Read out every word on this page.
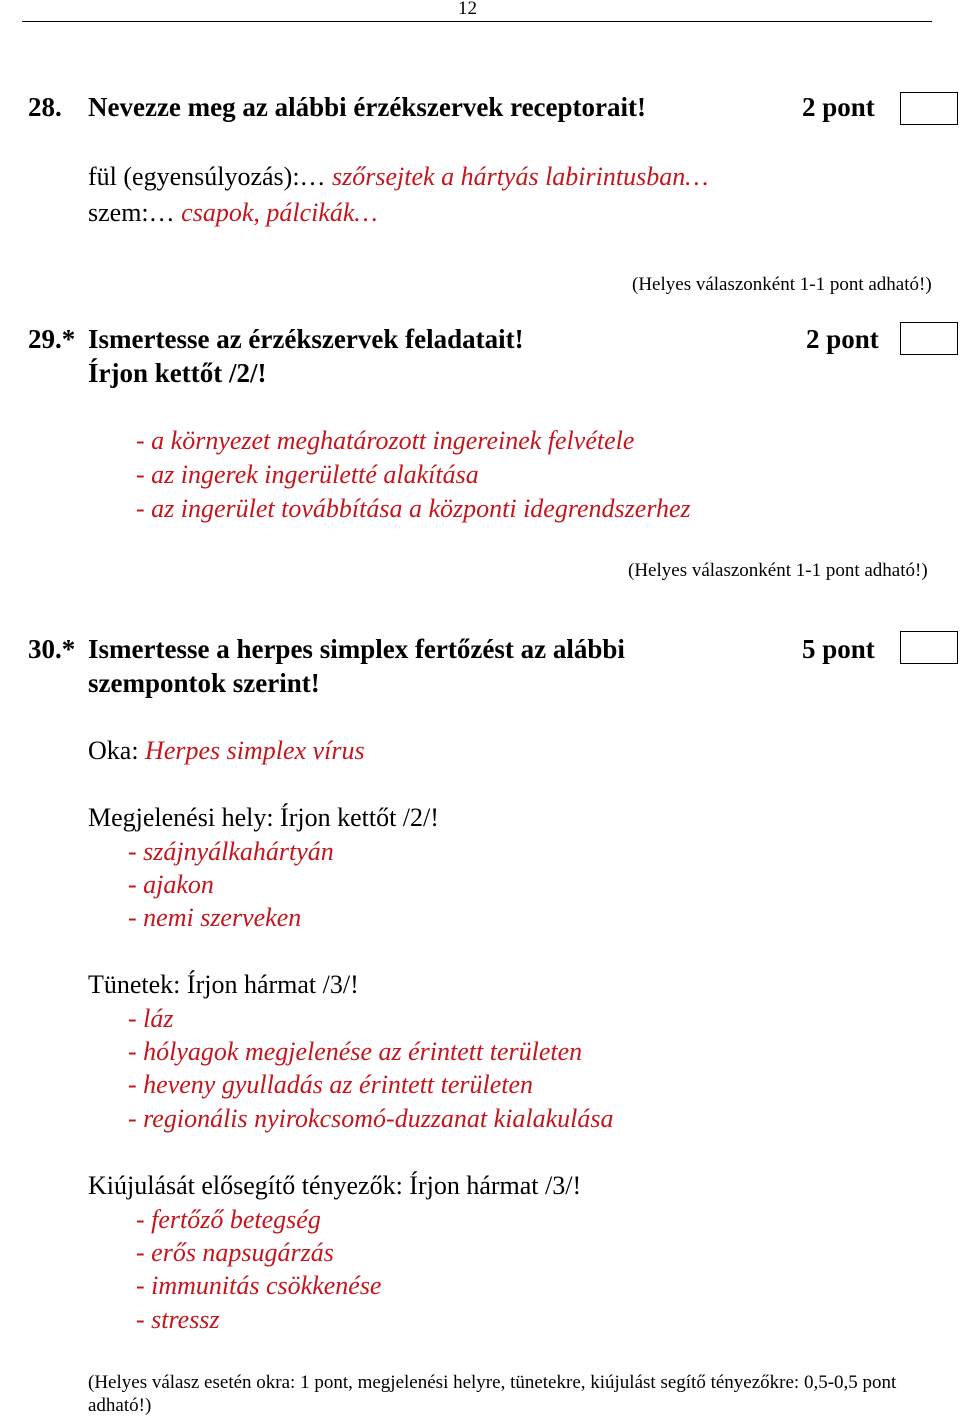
12
28. Nevezze meg az alábbi érzékszervek receptorait!	2 pont
fül (egyensúlyozás):… szőrsejtek a hártyás labirintusban…
szem:… csapok, pálcikák…
(Helyes válaszonként 1-1 pont adható!)
29.* Ismertesse az érzékszervek feladatait!	2 pont
Írjon kettőt /2/!
- a környezet meghatározott ingereinek felvétele
- az ingerek ingerületté alakítása
- az ingerület továbbítása a központi idegrendszerhez
(Helyes válaszonként 1-1 pont adható!)
30.* Ismertesse a herpes simplex fertőzést az alábbi	5 pont
szempontok szerint!
Oka: Herpes simplex vírus
Megjelenési hely: Írjon kettőt /2/!
- szájnyálkahártyán
- ajakon
- nemi szerveken
Tünetek: Írjon hármat /3/!
- láz
- hólyagok megjelenése az érintett területen
- heveny gyulladás az érintett területen
- regionális nyirokcsomó-duzzanat kialakulása
Kiújulását elősegítő tényezők: Írjon hármat /3/!
- fertőző betegség
- erős napsugárzás
- immunitás csökkenése
- stressz
(Helyes válasz esetén okra: 1 pont, megjelenési helyre, tünetekre, kiújulást segítő tényezőkre: 0,5-0,5 pont adható!)
